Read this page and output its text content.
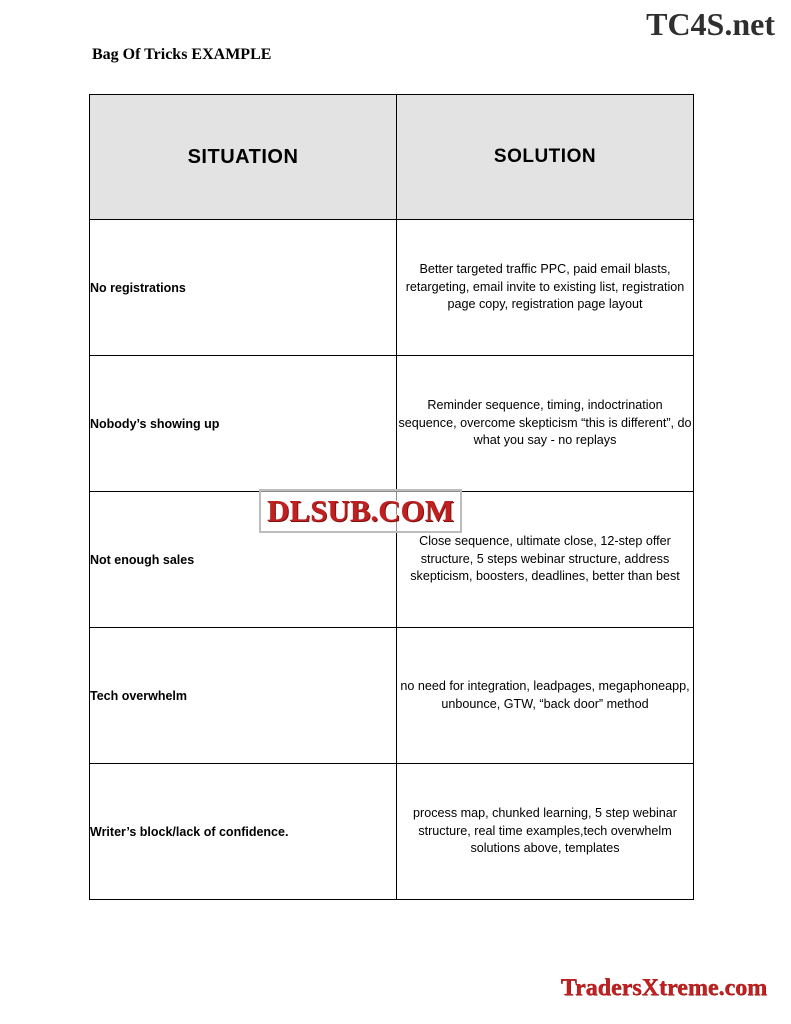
TC4S.net
Bag Of Tricks EXAMPLE
SITUATION	SOLUTION
No registrations	Better targeted traffic PPC, paid email blasts, retargeting, email invite to existing list, registration page copy, registration page layout
Nobody’s showing up	Reminder sequence, timing, indoctrination sequence, overcome skepticism “this is different”, do what you say - no replays
Not enough sales	Close sequence, ultimate close, 12-step offer structure, 5 steps webinar structure, address skepticism, boosters, deadlines, better than best
Tech overwhelm	no need for integration, leadpages, megaphoneapp, unbounce, GTW, “back door” method
Writer’s block/lack of confidence.	process map, chunked learning, 5 step webinar structure, real time examples,tech overwhelm solutions above, templates
DLSUB.COM
TradersXtreme.com
